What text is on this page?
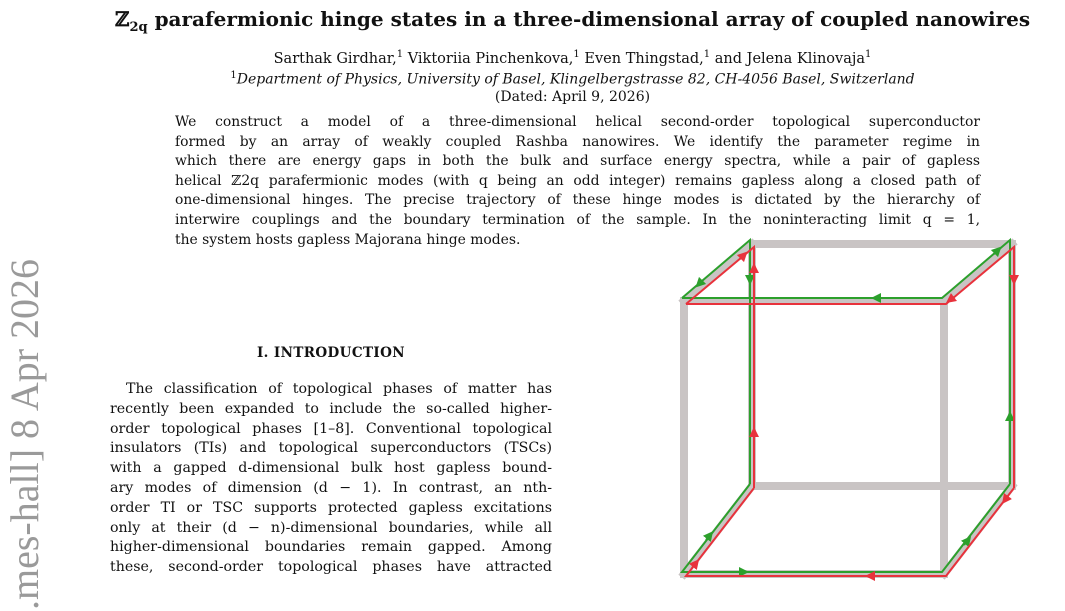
.mes-hall] 8 Apr 2026
ℤ$_{2q}$ parafermionic hinge states in a three-dimensional array of coupled nanowires
Sarthak Girdhar,$^1$ Viktoriia Pinchenkova,$^1$ Even Thingstad,$^1$ and Jelena Klinovaja$^1$
$^1$Department of Physics, University of Basel, Klingelbergstrasse 82, CH-4056 Basel, Switzerland
(Dated: April 9, 2026)
We construct a model of a three-dimensional helical second-order topological superconductor
formed by an array of weakly coupled Rashba nanowires. We identify the parameter regime in
which there are energy gaps in both the bulk and surface energy spectra, while a pair of gapless
helical ℤ2q parafermionic modes (with q being an odd integer) remains gapless along a closed path of
one-dimensional hinges. The precise trajectory of these hinge modes is dictated by the hierarchy of
interwire couplings and the boundary termination of the sample. In the noninteracting limit q = 1,
the system hosts gapless Majorana hinge modes.
I. INTRODUCTION
The classification of topological phases of matter has
recently been expanded to include the so-called higher-
order topological phases [1–8]. Conventional topological
insulators (TIs) and topological superconductors (TSCs)
with a gapped d-dimensional bulk host gapless bound-
ary modes of dimension (d − 1). In contrast, an nth-
order TI or TSC supports protected gapless excitations
only at their (d − n)-dimensional boundaries, while all
higher-dimensional boundaries remain gapped. Among
these, second-order topological phases have attracted
